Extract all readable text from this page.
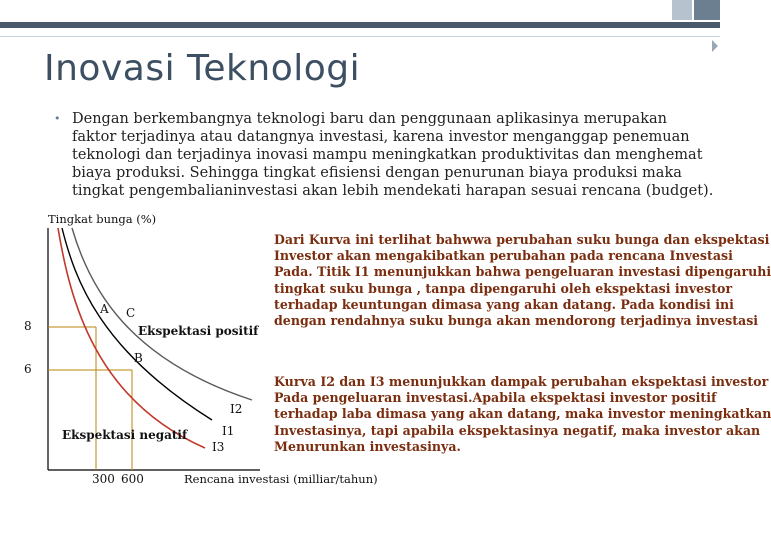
Inovasi Teknologi
• Dengan berkembangnya teknologi baru dan penggunaan aplikasinya merupakan faktor terjadinya atau datangnya investasi, karena investor menganggap penemuan teknologi dan terjadinya inovasi mampu meningkatkan produktivitas dan menghemat biaya produksi. Sehingga tingkat efisiensi dengan penurunan biaya produksi maka tingkat pengembalianinvestasi akan lebih mendekati harapan sesuai rencana (budget).
Tingkat bunga (%)
8
6
300 600	Rencana investasi (milliar/tahun)
A C
B
Ekspektasi positif
Ekspektasi negatif
I2
I1
I3
Dari Kurva ini terlihat bahwwa perubahan suku bunga dan ekspektasi
Investor akan mengakibatkan perubahan pada rencana Investasi
Pada. Titik I1 menunjukkan bahwa pengeluaran investasi dipengaruhi
tingkat suku bunga , tanpa dipengaruhi oleh ekspektasi investor
terhadap keuntungan dimasa yang akan datang. Pada kondisi ini
dengan rendahnya suku bunga akan mendorong terjadinya investasi
Kurva I2 dan I3 menunjukkan dampak perubahan ekspektasi investor
Pada pengeluaran investasi.Apabila ekspektasi investor positif
terhadap laba dimasa yang akan datang, maka investor meningkatkan
Investasinya, tapi apabila ekspektasinya negatif, maka investor akan
Menurunkan investasinya.
